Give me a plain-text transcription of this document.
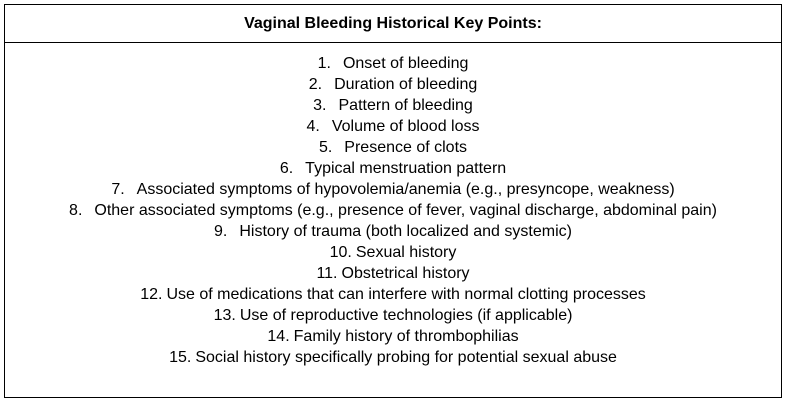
Vaginal Bleeding Historical Key Points:
1. Onset of bleeding
2. Duration of bleeding
3. Pattern of bleeding
4. Volume of blood loss
5. Presence of clots
6. Typical menstruation pattern
7. Associated symptoms of hypovolemia/anemia (e.g., presyncope, weakness)
8. Other associated symptoms (e.g., presence of fever, vaginal discharge, abdominal pain)
9. History of trauma (both localized and systemic)
10. Sexual history
11. Obstetrical history
12. Use of medications that can interfere with normal clotting processes
13. Use of reproductive technologies (if applicable)
14. Family history of thrombophilias
15. Social history specifically probing for potential sexual abuse
